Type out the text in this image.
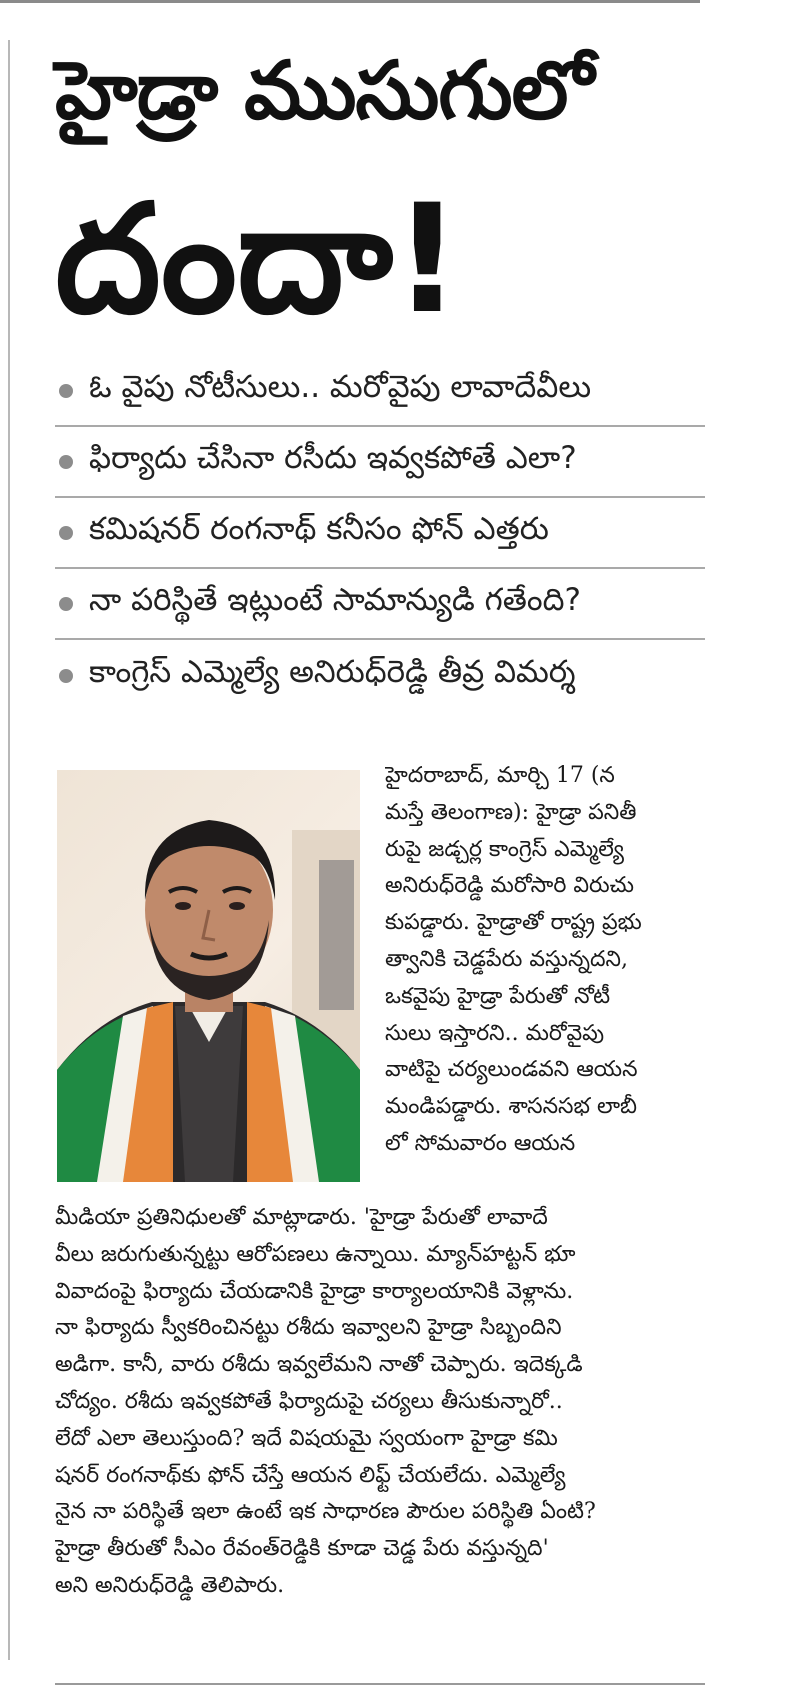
హైడ్రా ముసుగులో
దందా!
ఓ వైపు నోటీసులు.. మరోవైపు లావాదేవీలు
ఫిర్యాదు చేసినా రసీదు ఇవ్వకపోతే ఎలా?
కమిషనర్ రంగనాథ్ కనీసం ఫోన్ ఎత్తరు
నా పరిస్థితే ఇట్లుంటే సామాన్యుడి గతేంది?
కాంగ్రెస్ ఎమ్మెల్యే అనిరుధ్‌రెడ్డి తీవ్ర విమర్శ
హైదరాబాద్, మార్చి 17 (న
మస్తే తెలంగాణ): హైడ్రా పనితీ
రుపై జడ్చర్ల కాంగ్రెస్ ఎమ్మెల్యే
అనిరుధ్‌రెడ్డి మరోసారి విరుచు
కుపడ్డారు. హైడ్రాతో రాష్ట్ర ప్రభు
త్వానికి చెడ్డపేరు వస్తున్నదని,
ఒకవైపు హైడ్రా పేరుతో నోటీ
సులు ఇస్తారని.. మరోవైపు
వాటిపై చర్యలుండవని ఆయన
మండిపడ్డారు. శాసనసభ లాబీ
లో సోమవారం ఆయన
మీడియా ప్రతినిధులతో మాట్లాడారు. 'హైడ్రా పేరుతో లావాదే
వీలు జరుగుతున్నట్టు ఆరోపణలు ఉన్నాయి. మ్యాన్‌హట్టన్ భూ
వివాదంపై ఫిర్యాదు చేయడానికి హైడ్రా కార్యాలయానికి వెళ్లాను.
నా ఫిర్యాదు స్వీకరించినట్టు రశీదు ఇవ్వాలని హైడ్రా సిబ్బందిని
అడిగా. కానీ, వారు రశీదు ఇవ్వలేమని నాతో చెప్పారు. ఇదెక్కడి
చోద్యం. రశీదు ఇవ్వకపోతే ఫిర్యాదుపై చర్యలు తీసుకున్నారో..
లేదో ఎలా తెలుస్తుంది? ఇదే విషయమై స్వయంగా హైడ్రా కమి
షనర్ రంగనాథ్‌కు ఫోన్ చేస్తే ఆయన లిఫ్ట్ చేయలేదు. ఎమ్మెల్యే
నైన నా పరిస్థితే ఇలా ఉంటే ఇక సాధారణ పౌరుల పరిస్థితి ఏంటి?
హైడ్రా తీరుతో సీఎం రేవంత్‌రెడ్డికి కూడా చెడ్డ పేరు వస్తున్నది'
అని అనిరుధ్‌రెడ్డి తెలిపారు.
